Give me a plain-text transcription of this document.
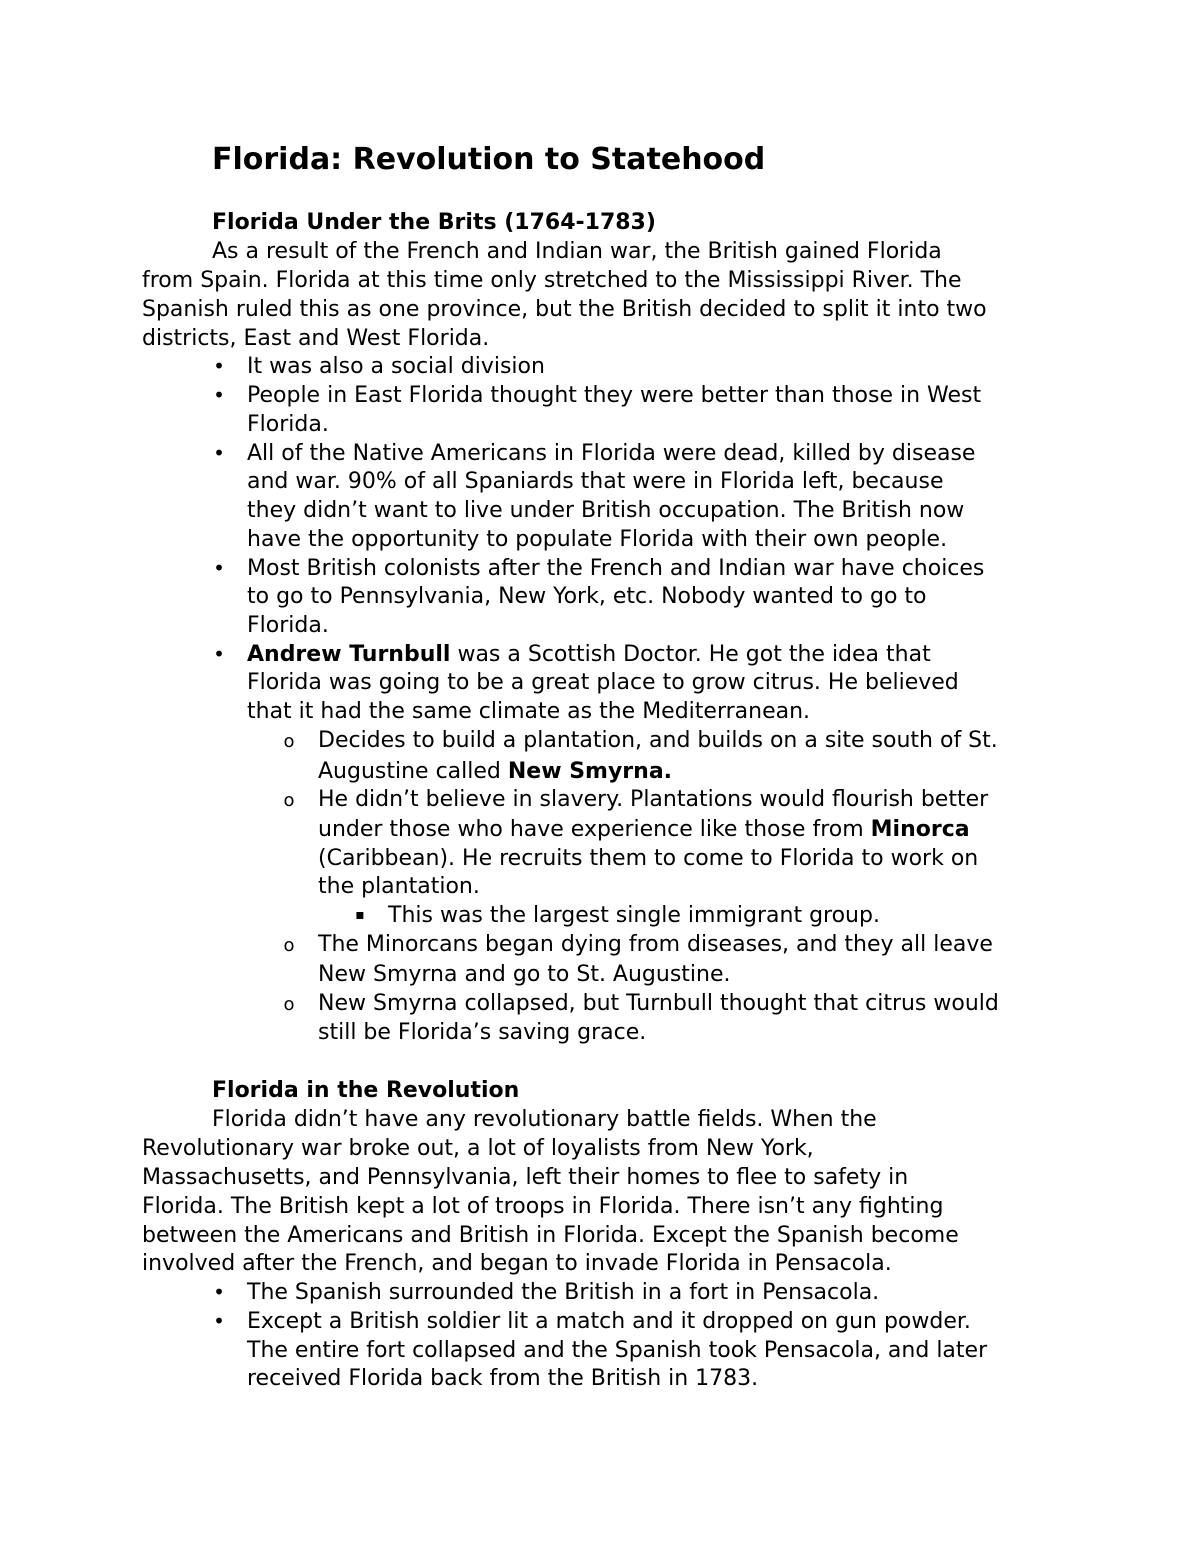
Florida: Revolution to Statehood
Florida Under the Brits (1764-1783)
As a result of the French and Indian war, the British gained Florida
from Spain. Florida at this time only stretched to the Mississippi River. The
Spanish ruled this as one province, but the British decided to split it into two
districts, East and West Florida.
• It was also a social division
• People in East Florida thought they were better than those in West
Florida.
• All of the Native Americans in Florida were dead, killed by disease
and war. 90% of all Spaniards that were in Florida left, because
they didn’t want to live under British occupation. The British now
have the opportunity to populate Florida with their own people.
• Most British colonists after the French and Indian war have choices
to go to Pennsylvania, New York, etc. Nobody wanted to go to
Florida.
• Andrew Turnbull was a Scottish Doctor. He got the idea that
Florida was going to be a great place to grow citrus. He believed
that it had the same climate as the Mediterranean.
o Decides to build a plantation, and builds on a site south of St.
Augustine called New Smyrna.
o He didn’t believe in slavery. Plantations would flourish better
under those who have experience like those from Minorca
(Caribbean). He recruits them to come to Florida to work on
the plantation.
▪ This was the largest single immigrant group.
o The Minorcans began dying from diseases, and they all leave
New Smyrna and go to St. Augustine.
o New Smyrna collapsed, but Turnbull thought that citrus would
still be Florida’s saving grace.
Florida in the Revolution
Florida didn’t have any revolutionary battle fields. When the
Revolutionary war broke out, a lot of loyalists from New York,
Massachusetts, and Pennsylvania, left their homes to flee to safety in
Florida. The British kept a lot of troops in Florida. There isn’t any fighting
between the Americans and British in Florida. Except the Spanish become
involved after the French, and began to invade Florida in Pensacola.
• The Spanish surrounded the British in a fort in Pensacola.
• Except a British soldier lit a match and it dropped on gun powder.
The entire fort collapsed and the Spanish took Pensacola, and later
received Florida back from the British in 1783.
